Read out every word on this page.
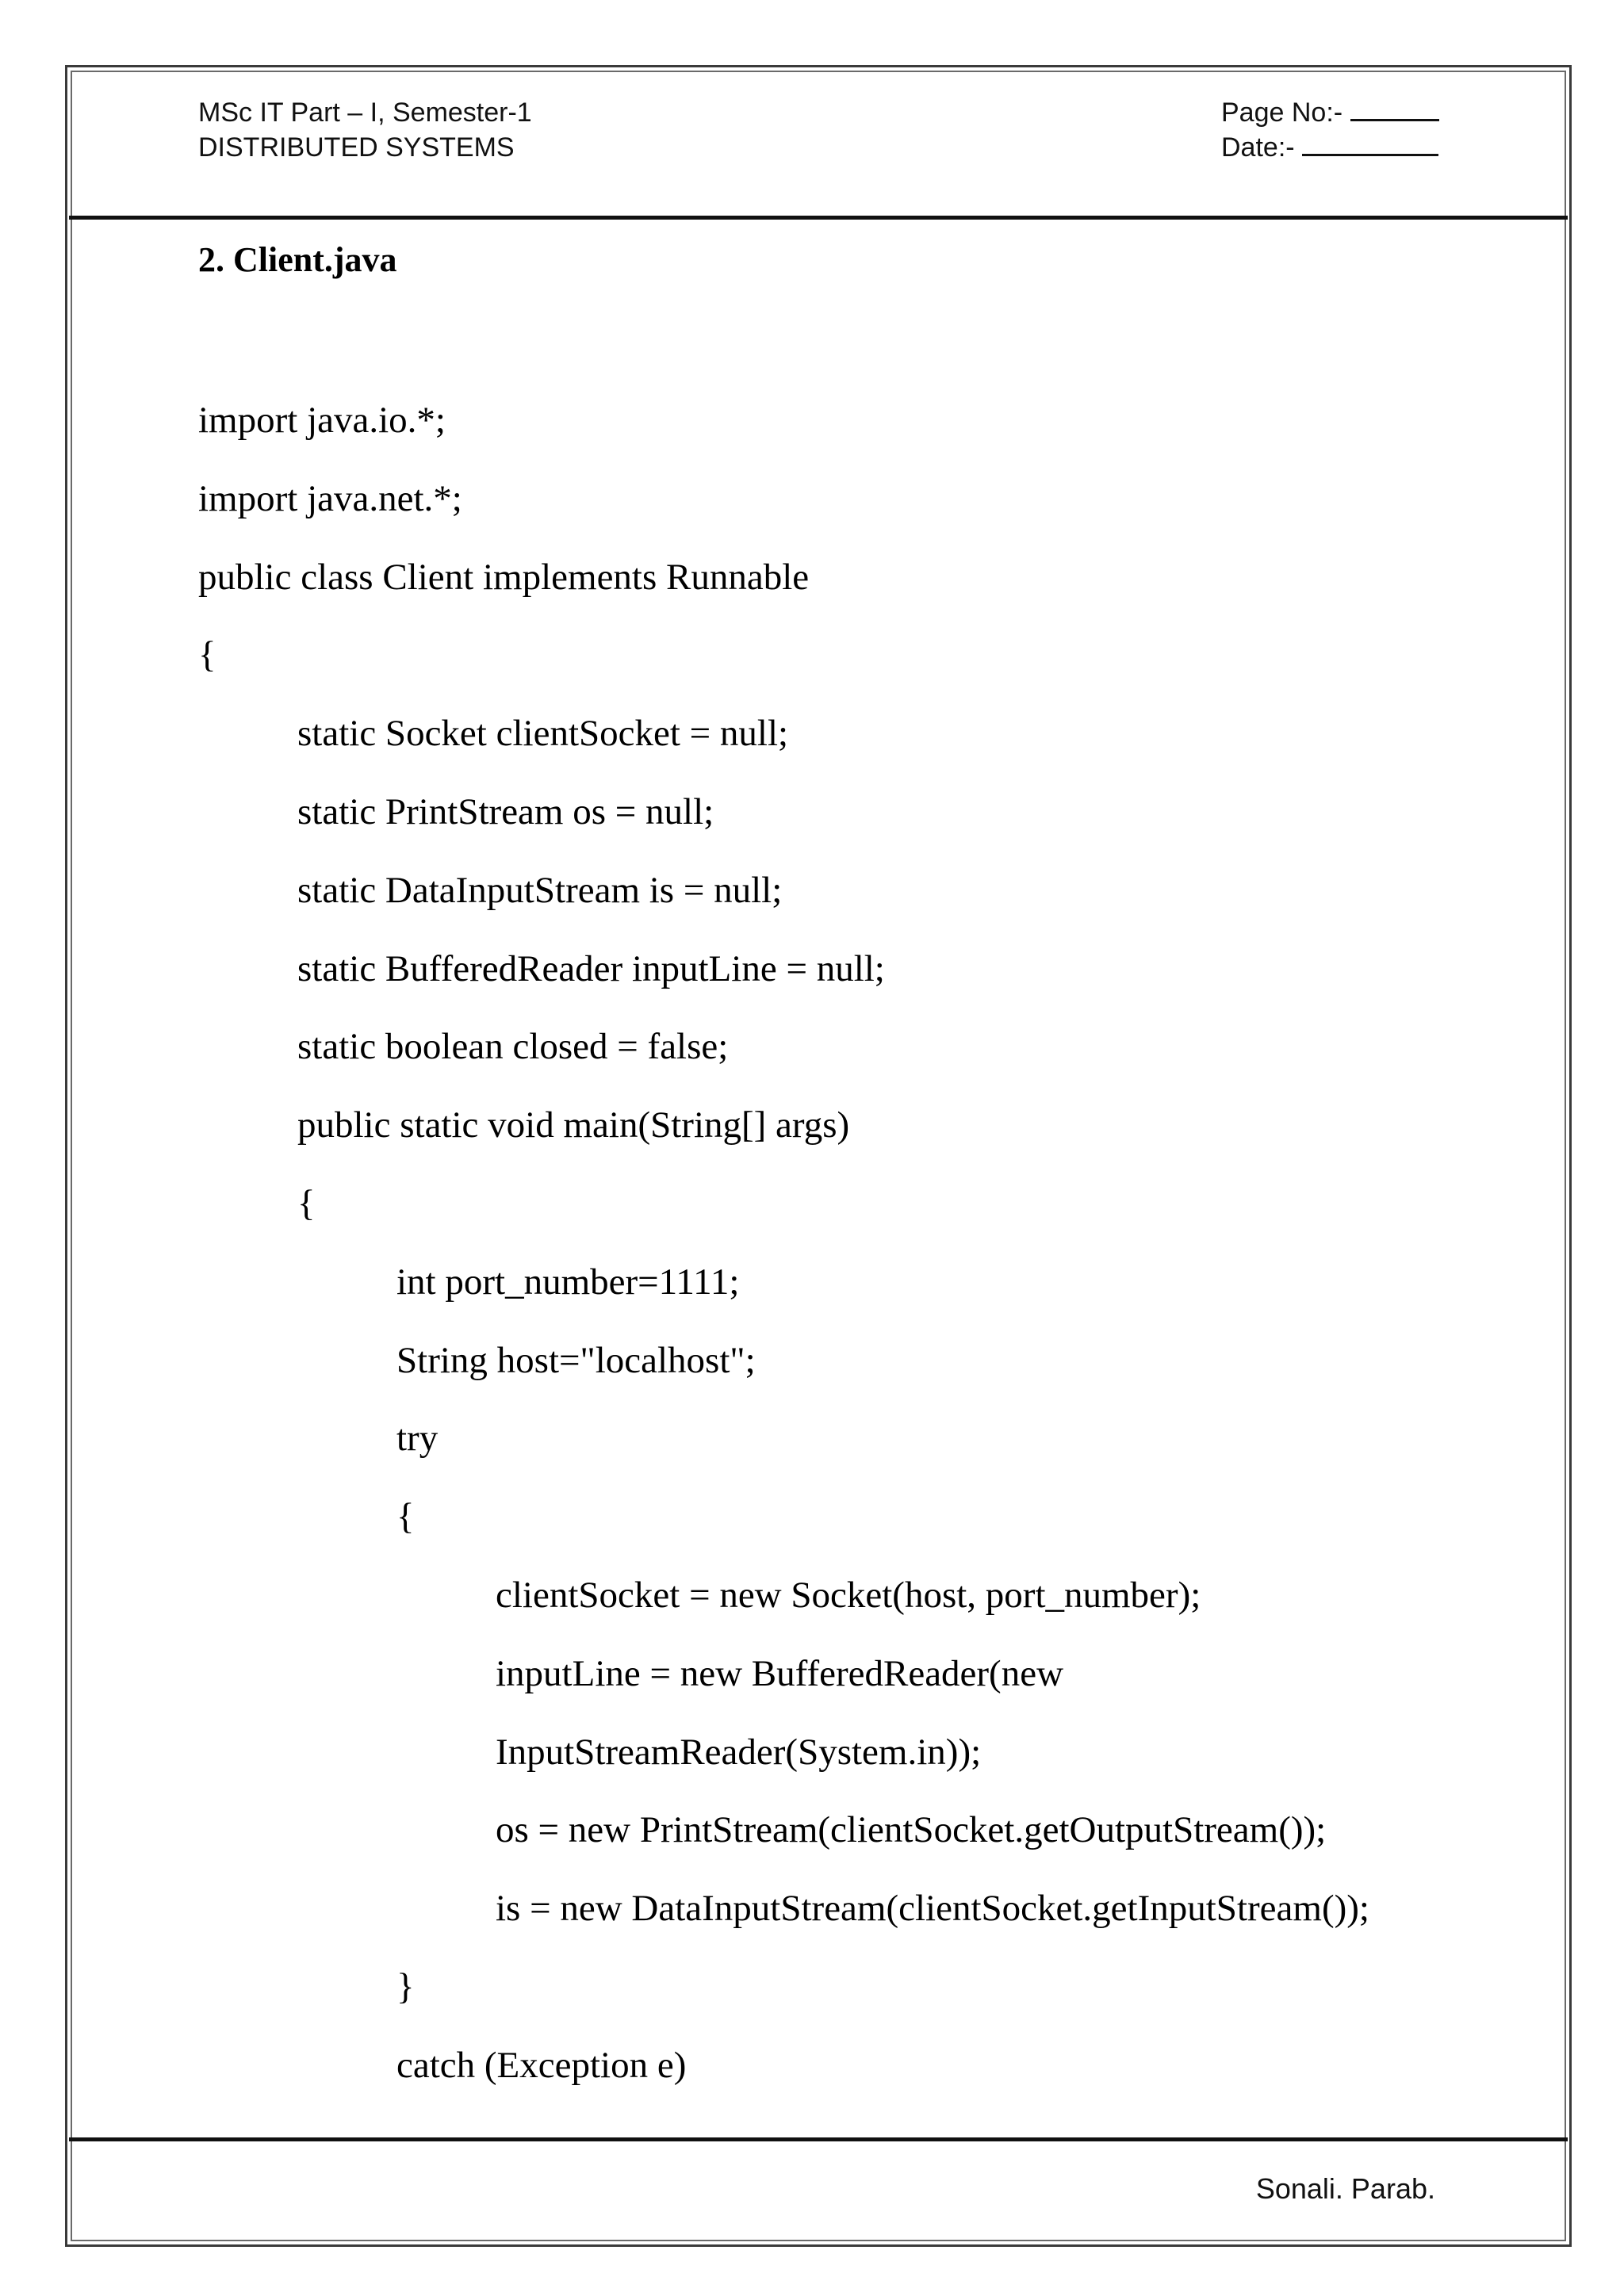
MSc IT Part – I, Semester-1
DISTRIBUTED SYSTEMS
Page No:-
Date:-
2. Client.java
import java.io.*;
import java.net.*;
public class Client implements Runnable
{
static Socket clientSocket = null;
static PrintStream os = null;
static DataInputStream is = null;
static BufferedReader inputLine = null;
static boolean closed = false;
public static void main(String[] args)
{
int port_number=1111;
String host="localhost";
try
{
clientSocket = new Socket(host, port_number);
inputLine = new BufferedReader(new
InputStreamReader(System.in));
os = new PrintStream(clientSocket.getOutputStream());
is = new DataInputStream(clientSocket.getInputStream());
}
catch (Exception e)
Sonali. Parab.
